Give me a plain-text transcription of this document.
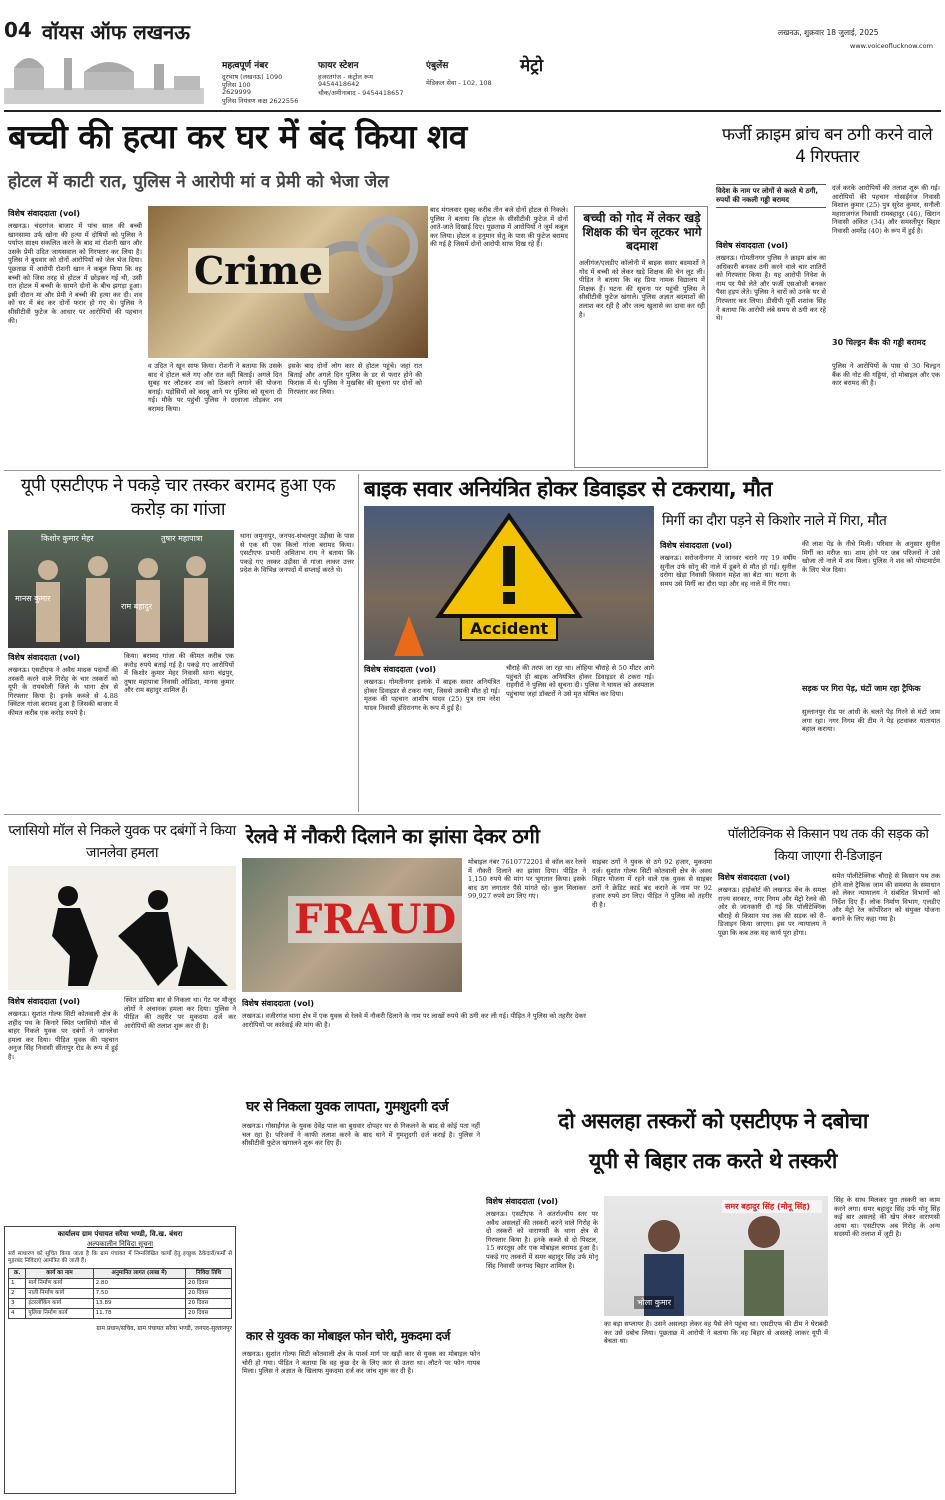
04 वॉयस ऑफ लखनऊ
महत्वपूर्ण नंबर
दूरभाष (लखनऊ) 1090
पुलिस 100
2629999
पुलिस नियंत्रण कक्ष 2622556
फायर स्टेशन
हजरतगंज - कंट्रोल रूम
9454418642
चौक/अमीनाबाद - 9454418657
एंबुलेंस
मेडिकल सेवा - 102, 108
मेट्रो
लखनऊ, शुक्रवार 18 जुलाई, 2025
www.voiceoflucknow.com
बच्ची की हत्या कर घर में बंद किया शव
होटल में काटी रात, पुलिस ने आरोपी मां व प्रेमी को भेजा जेल
विशेष संवाददाता (vol)
लखनऊ। चंदरगंज बाजार में पांच साल की बच्ची खानसामा उर्फ खोना की हत्या में दोषियों को पुलिस ने पर्याप्त साक्ष्य संकलित करने के बाद मां रोशनी खान और उसके प्रेमी उदित जायसवाल को गिरफ्तार कर लिया है। पुलिस ने बुधवार को दोनों आरोपियों को जेल भेज दिया। पूछताछ में आरोपी रोशनी खान ने कबूल किया कि वह बच्ची को जिस तरह से होटल में छोड़कर गई थी, उसी रात होटल में बच्ची के सामने दोनों के बीच झगड़ा हुआ। इसी दौरान मां और प्रेमी ने बच्ची की हत्या कर दी। शव को घर में बंद कर दोनों फरार हो गए थे। पुलिस ने सीसीटीवी फुटेज के आधार पर आरोपियों की पहचान की।
Crime
व उदित ने खून साफ किया। रोशनी ने बताया कि उसके बाद वे होटल चले गए और रात वहीं बिताई। अगले दिन सुबह घर लौटकर शव को ठिकाने लगाने की योजना बनाई। पड़ोसियों को बदबू आने पर पुलिस को सूचना दी गई। मौके पर पहुंची पुलिस ने दरवाजा तोड़कर शव बरामद किया।
इसके बाद दोनों लोग कार से होटल पहुंचे। जहां रात बिताई और अगले दिन पुलिस के डर से फरार होने की फिराक में थे। पुलिस ने मुखबिर की सूचना पर दोनों को गिरफ्तार कर लिया।
बाद मंगलवार सुबह करीब तीन बजे दोनों होटल से निकले। पुलिस ने बताया कि होटल के सीसीटीवी फुटेज में दोनों आते-जाते दिखाई दिए। पूछताछ में आरोपियों ने जुर्म कबूल कर लिया। होटल व हनुमान सेतु के पास की फुटेज बरामद की गई है जिसमें दोनों आरोपी साफ दिख रहे हैं।
बच्ची को गोद में लेकर खड़े शिक्षक की चेन लूटकर भागे बदमाश
अलीगंज/एलडीए कॉलोनी में बाइक सवार बदमाशों ने गोद में बच्ची को लेकर खड़े शिक्षक की चेन लूट ली। पीड़ित ने बताया कि वह प्रिया नामक विद्यालय में शिक्षक हैं। घटना की सूचना पर पहुंची पुलिस ने सीसीटीवी फुटेज खंगाले। पुलिस अज्ञात बदमाशों की तलाश कर रही है और जल्द खुलासे का दावा कर रही है।
फर्जी क्राइम ब्रांच बन ठगी करने वाले 4 गिरफ्तार
विदेश के नाम पर लोगों से करते थे ठगी, रुपयों की नकली गड्डी बरामद
विशेष संवाददाता (vol)
लखनऊ। गोमतीनगर पुलिस ने क्राइम ब्रांच का अधिकारी बनकर ठगी करने वाले चार शातिरों को गिरफ्तार किया है। यह आरोपी निवेश के नाम पर पैसे लेते और फर्जी एसओजी बनकर पैसा हड़प लेते। पुलिस ने चारों को उनके घर से गिरफ्तार कर लिया। डीसीपी पूर्वी शशांक सिंह ने बताया कि आरोपी लंबे समय से ठगी कर रहे थे।
दर्ज करके आरोपियों की तलाश शुरू की गई। आरोपियों की पहचान गोसाईंगंज निवासी विशाल कुमार (25) पुत्र सुरेश कुमार, सनौली महाराजगंज निवासी रामबहादुर (46), खिरान निवासी अंकित (34) और समस्तीपुर बिहार निवासी अमरेंद्र (40) के रूप में हुई है।
30 चिल्ड्रन बैंक की गड्डी बरामद
पुलिस ने आरोपियों के पास से 30 चिल्ड्रन बैंक की नोट की गड्डियां, दो मोबाइल और एक कार बरामद की है।
यूपी एसटीएफ ने पकड़े चार तस्कर बरामद हुआ एक करोड़ का गांजा
किशोर कुमार मेहर	तुषार महापात्रा
मानस कुमार
राम बहादुर
थाना जमुनापुर, जनपद-संभलपुर उड़ीसा के पास से एक सौ एक किलो गांजा बरामद किया। एसटीएफ प्रभारी अमिताभ राय ने बताया कि पकड़े गए तस्कर उड़ीसा से गांजा लाकर उत्तर प्रदेश के विभिन्न जनपदों में सप्लाई करते थे।
विशेष संवाददाता (vol)
लखनऊ। एसटीएफ ने अवैध मादक पदार्थों की तस्करी करने वाले गिरोह के चार तस्करों को यूपी के रायबरेली जिले के थाना क्षेत्र से गिरफ्तार किया है। इनके कब्जे से 4.88 क्विंटल गांजा बरामद हुआ है जिसकी बाजार में कीमत करीब एक करोड़ रुपये है।
किया। बरामद गांजा की कीमत करीब एक करोड़ रुपये बताई गई है। पकड़े गए आरोपियों में किशोर कुमार मेहर निवासी थाना चंद्रपुर, तुषार महापात्रा निवासी ओडिशा, मानस कुमार और राम बहादुर शामिल हैं।
बाइक सवार अनियंत्रित होकर डिवाइडर से टकराया, मौत
Accident
विशेष संवाददाता (vol)
लखनऊ। गोमतीनगर इलाके में बाइक सवार अनियंत्रित होकर डिवाइडर से टकरा गया, जिससे उसकी मौत हो गई। मृतक की पहचान आशीष यादव (25) पुत्र राम नरेश यादव निवासी इंदिरानगर के रूप में हुई है।
चौराहे की तरफ जा रहा था। लोहिया चौराहे से 50 मीटर आगे पहुंचते ही बाइक अनियंत्रित होकर डिवाइडर से टकरा गई। राहगीरों ने पुलिस को सूचना दी। पुलिस ने घायल को अस्पताल पहुंचाया जहां डॉक्टरों ने उसे मृत घोषित कर दिया।
मिर्गी का दौरा पड़ने से किशोर नाले में गिरा, मौत
विशेष संवाददाता (vol)
लखनऊ। सरोजनीनगर में जानवर चराने गए 19 वर्षीय सुनील उर्फ सोनू की नाले में डूबने से मौत हो गई। सुनील दरोगा खेड़ा निवासी किसान महेश का बेटा था। घटना के समय उसे मिर्गी का दौरा पड़ा और वह नाले में गिर गया।
की लाश पेड़ के नीचे मिली। परिवार के अनुसार सुनील मिर्गी का मरीज था। शाम होने पर जब परिजनों ने उसे खोजा तो नाले में शव मिला। पुलिस ने शव को पोस्टमार्टम के लिए भेज दिया।
सड़क पर गिरा पेड़, घंटों जाम रहा ट्रैफिक
सुल्तानपुर रोड पर आंधी के चलते पेड़ गिरने से घंटों जाम लगा रहा। नगर निगम की टीम ने पेड़ हटवाकर यातायात बहाल कराया।
प्लासियो मॉल से निकले युवक पर दबंगों ने किया जानलेवा हमला
विशेष संवाददाता (vol)
लखनऊ। सुशांत गोल्फ सिटी कोतवाली क्षेत्र के शहीद पथ के किनारे स्थित प्लासियो मॉल से बाहर निकले युवक पर दबंगों ने जानलेवा हमला कर दिया। पीड़ित युवक की पहचान अनुज सिंह निवासी सीतापुर रोड के रूप में हुई है।
स्थित डांडिया बार से निकला था। गेट पर मौजूद लोगों ने अचानक हमला कर दिया। पुलिस ने पीड़ित की तहरीर पर मुकदमा दर्ज कर आरोपियों की तलाश शुरू कर दी है।
रेलवे में नौकरी दिलाने का झांसा देकर ठगी
FRAUD
मोबाइल नंबर 7610772201 से कॉल कर रेलवे में नौकरी दिलाने का झांसा दिया। पीड़ित ने 1,150 रुपये की मांग पर भुगतान किया। इसके बाद ठग लगातार पैसे मांगते रहे। कुल मिलाकर 99,927 रुपये ठग लिए गए।
विशेष संवाददाता (vol)
लखनऊ। वजीरगंज थाना क्षेत्र में एक युवक से रेलवे में नौकरी दिलाने के नाम पर लाखों रुपये की ठगी कर ली गई। पीड़ित ने पुलिस को तहरीर देकर आरोपियों पर कार्रवाई की मांग की है।
साइबर ठगों ने युवक से ठगे 92 हजार, मुकदमा दर्ज। सुशांत गोल्फ सिटी कोतवाली क्षेत्र के अवध विहार योजना में रहने वाले एक युवक से साइबर ठगों ने क्रेडिट कार्ड बंद कराने के नाम पर 92 हजार रुपये ठग लिए। पीड़ित ने पुलिस को तहरीर दी है।
पॉलीटेक्निक से किसान पथ तक की सड़क को किया जाएगा री-डिजाइन
विशेष संवाददाता (vol)
लखनऊ। हाईकोर्ट की लखनऊ बेंच के समक्ष राज्य सरकार, नगर निगम और मेट्रो रेलवे की ओर से जानकारी दी गई कि पॉलीटेक्निक चौराहे से किसान पथ तक की सड़क को री-डिजाइन किया जाएगा। इस पर न्यायालय ने पूछा कि कब तक यह कार्य पूरा होगा।
समेत पॉलीटेक्निक चौराहे से किसान पथ तक होने वाले ट्रैफिक जाम की समस्या के समाधान को लेकर न्यायालय ने संबंधित विभागों को निर्देश दिए हैं। लोक निर्माण विभाग, एलडीए और मेट्रो रेल कॉर्पोरेशन को संयुक्त योजना बनाने के लिए कहा गया है।
घर से निकला युवक लापता, गुमशुदगी दर्ज
लखनऊ। गोसाईंगंज के युवक देवेंद्र पाल का बुधवार दोपहर घर से निकलने के बाद से कोई पता नहीं चल रहा है। परिजनों ने काफी तलाश करने के बाद थाने में गुमशुदगी दर्ज कराई है। पुलिस ने सीसीटीवी फुटेज खंगालने शुरू कर दिए हैं।
कार से युवक का मोबाइल फोन चोरी, मुकदमा दर्ज
लखनऊ। सुशांत गोल्फ सिटी कोतवाली क्षेत्र के पार्श्व मार्ग पर खड़ी कार से युवक का मोबाइल फोन चोरी हो गया। पीड़ित ने बताया कि वह कुछ देर के लिए कार से उतरा था। लौटने पर फोन गायब मिला। पुलिस ने अज्ञात के खिलाफ मुकदमा दर्ज कर जांच शुरू कर दी है।
दो असलहा तस्करों को एसटीएफ ने दबोचा
यूपी से बिहार तक करते थे तस्करी
विशेष संवाददाता (vol)
लखनऊ। एसटीएफ ने अंतर्राज्यीय स्तर पर अवैध असलहों की तस्करी करने वाले गिरोह के दो तस्करों को वाराणसी के थाना क्षेत्र से गिरफ्तार किया है। इनके कब्जे से दो पिस्टल, 15 कारतूस और एक मोबाइल बरामद हुआ है। पकड़े गए तस्करों में समर बहादुर सिंह उर्फ मोनू सिंह निवासी जनपद बिहार शामिल है।
भोला कुमार
समर बहादुर सिंह (मोनू सिंह)
का बड़ा सप्लायर है। उसने असलहा लेकर वह पैसे लेने पहुंचा था। एसटीएफ की टीम ने घेराबंदी कर उसे दबोच लिया। पूछताछ में आरोपी ने बताया कि वह बिहार से असलहे लाकर यूपी में बेचता था।
सिंह के साथ मिलकर पुरा तस्करी का काम करने लगा। समर बहादुर सिंह उर्फ मोनू सिंह कई बार असलहे की खेप लेकर वाराणसी आया था। एसटीएफ अब गिरोह के अन्य सदस्यों की तलाश में जुटी है।
कार्यालय ग्राम पंचायत सरैया भण्डी, वि.ख. बंथरा
अल्पकालीन निविदा सूचना
सर्व साधारण को सूचित किया जाता है कि ग्राम पंचायत में निम्नलिखित कार्यों हेतु इच्छुक ठेकेदारों/फर्मों से मुहरबंद निविदाएं आमंत्रित की जाती हैं।
क्र.	कार्य का नाम	अनुमानित लागत (लाख में)	निविदा तिथि
1	मार्ग निर्माण कार्य	2.80	20 दिवस
2	नाली निर्माण कार्य	7.50	20 दिवस
3	इंटरलॉकिंग कार्य	13.89	20 दिवस
4	पुलिया निर्माण कार्य	11.78	20 दिवस
ग्राम प्रधान/सचिव, ग्राम पंचायत सरैया भण्डी, जनपद-सुल्तानपुर
